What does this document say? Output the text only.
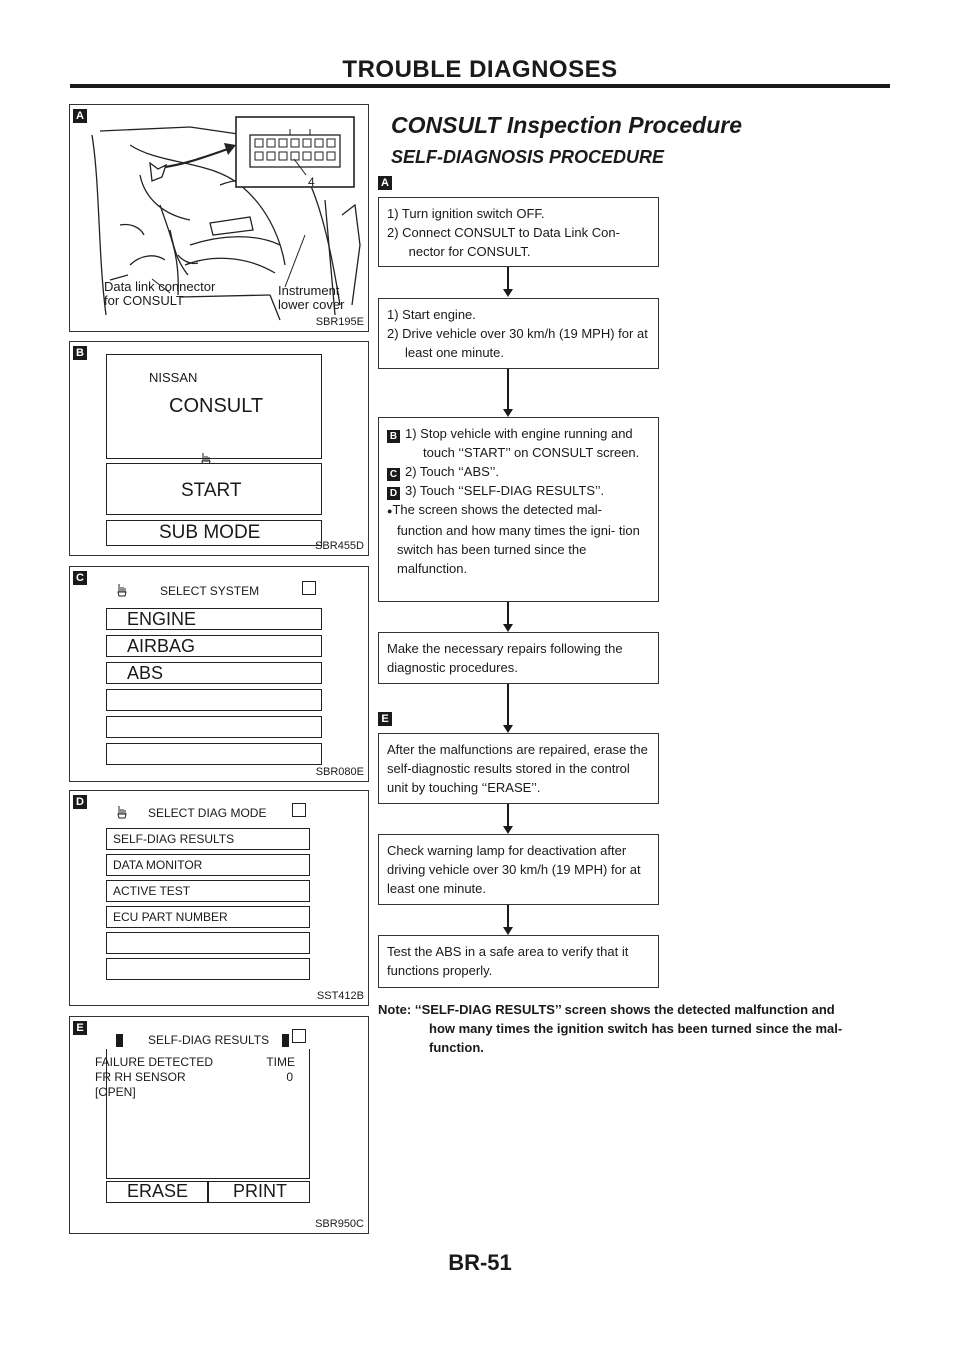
TROUBLE DIAGNOSES
A
4
Data link connector
for CONSULT
Instrument
lower cover
SBR195E
B
NISSAN
CONSULT
START
SUB MODE
SBR455D
C
SELECT SYSTEM
ENGINE
AIRBAG
ABS
SBR080E
D
SELECT DIAG MODE
SELF-DIAG RESULTS
DATA MONITOR
ACTIVE TEST
ECU PART NUMBER
SST412B
E
SELF-DIAG RESULTS
FAILURE DETECTED	TIME
FR RH SENSOR	0
[OPEN]
ERASE PRINT
SBR950C
CONSULT Inspection Procedure
SELF-DIAGNOSIS PROCEDURE
A
1) Turn ignition switch OFF.
2) Connect CONSULT to Data Link Con- nector for CONSULT.
1) Start engine.
2) Drive vehicle over 30 km/h (19 MPH) for at least one minute.
B 1) Stop vehicle with engine running and touch ‘‘START’’ on CONSULT screen.
C 2) Touch ‘‘ABS’’.
D 3) Touch ‘‘SELF-DIAG RESULTS’’.
●The screen shows the detected mal- function and how many times the igni- tion switch has been turned since the malfunction.
Make the necessary repairs following the diagnostic procedures.
E
After the malfunctions are repaired, erase the self-diagnostic results stored in the control unit by touching ‘‘ERASE’’.
Check warning lamp for deactivation after driving vehicle over 30 km/h (19 MPH) for at least one minute.
Test the ABS in a safe area to verify that it functions properly.
Note: ‘‘SELF-DIAG RESULTS’’ screen shows the detected malfunction and
how many times the ignition switch has been turned since the mal-
function.
BR-51
